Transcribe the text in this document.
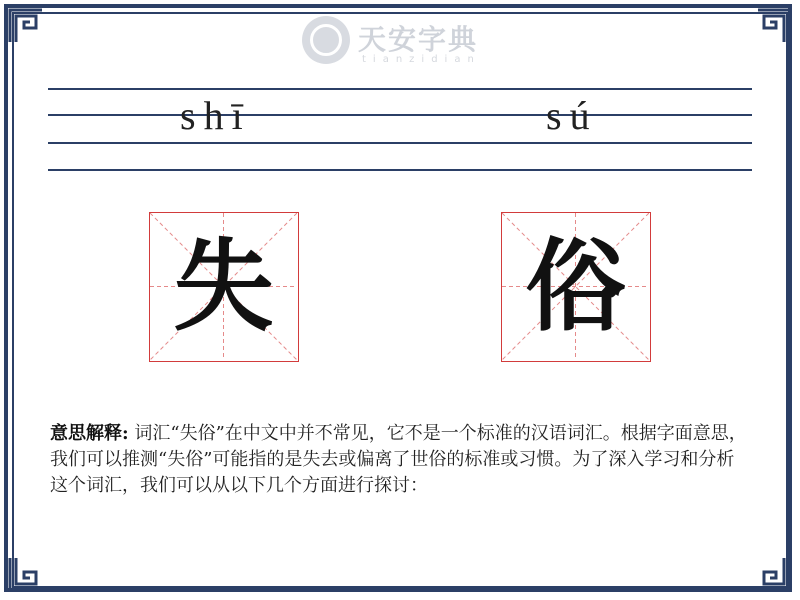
天安字典
tianzidian
shī	sú
失	俗
意思解释: 词汇“失俗”在中文中并不常见，它不是一个标准的汉语词汇。根据字面意思，我们可以推测“失俗”可能指的是失去或偏离了世俗的标准或习惯。为了深入学习和分析这个词汇，我们可以从以下几个方面进行探讨：
